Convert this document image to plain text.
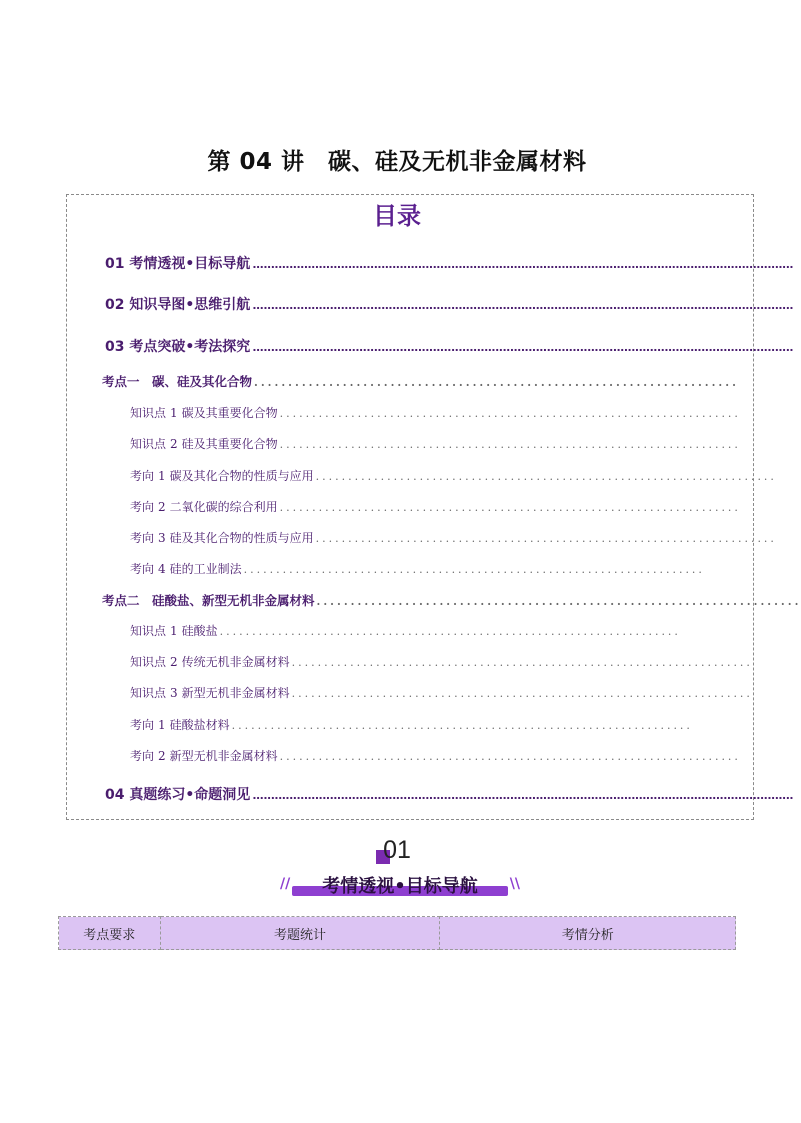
第 04 讲　碳、硅及无机非金属材料
目录
01 考情透视•目标导航 ...................................................................................................................................................
02 知识导图•思维引航 ...................................................................................................................................................
03 考点突破•考法探究 ...................................................................................................................................................
考点一　碳、硅及其化合物 .......................................................................
知识点 1 碳及其重要化合物 .......................................................................
知识点 2 硅及其重要化合物 .......................................................................
考向 1 碳及其化合物的性质与应用 .......................................................................
考向 2 二氧化碳的综合利用 .......................................................................
考向 3 硅及其化合物的性质与应用 .......................................................................
考向 4 硅的工业制法 .......................................................................
考点二　硅酸盐、新型无机非金属材料 .......................................................................
知识点 1 硅酸盐 .......................................................................
知识点 2 传统无机非金属材料 .......................................................................
知识点 3 新型无机非金属材料 .......................................................................
考向 1 硅酸盐材料 .......................................................................
考向 2 新型无机非金属材料 .......................................................................
04 真题练习•命题洞见 ...................................................................................................................................................
01
//	考情透视•目标导航	\\
考点要求	考题统计	考情分析
